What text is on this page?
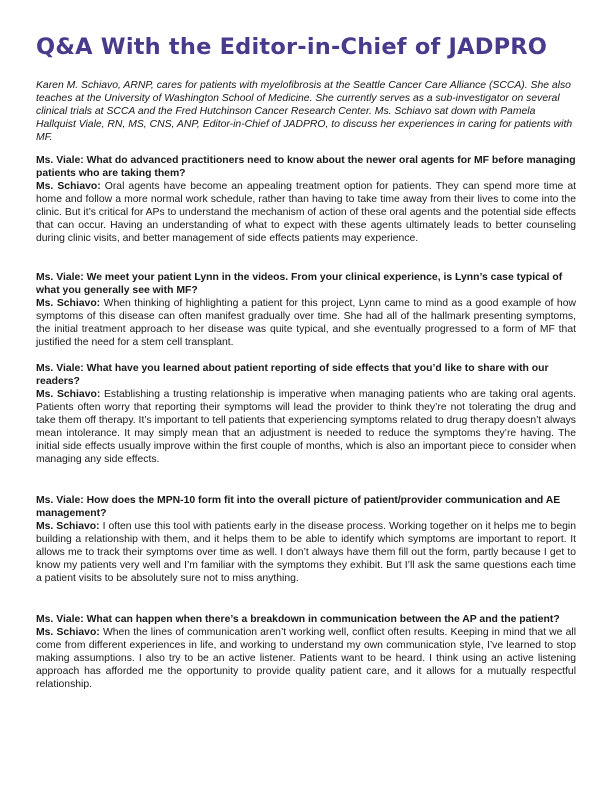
Q&A With the Editor-in-Chief of JADPRO

Karen M. Schiavo, ARNP, cares for patients with myelofibrosis at the Seattle Cancer Care Alliance (SCCA). She also teaches at the University of Washington School of Medicine. She currently serves as a sub-investigator on several clinical trials at SCCA and the Fred Hutchinson Cancer Research Center. Ms. Schiavo sat down with Pamela Hallquist Viale, RN, MS, CNS, ANP, Editor-in-Chief of JADPRO, to discuss her experiences in caring for patients with MF.

Ms. Viale: What do advanced practitioners need to know about the newer oral agents for MF before managing patients who are taking them?

Ms. Schiavo: Oral agents have become an appealing treatment option for patients. They can spend more time at home and follow a more normal work schedule, rather than having to take time away from their lives to come into the clinic. But it’s critical for APs to understand the mechanism of action of these oral agents and the potential side effects that can occur. Having an understanding of what to expect with these agents ultimately leads to better counseling during clinic visits, and better management of side effects patients may experience.

Ms. Viale: We meet your patient Lynn in the videos. From your clinical experience, is Lynn’s case typical of what you generally see with MF?

Ms. Schiavo: When thinking of highlighting a patient for this project, Lynn came to mind as a good example of how symptoms of this disease can often manifest gradually over time. She had all of the hallmark presenting symptoms, the initial treatment approach to her disease was quite typical, and she eventually progressed to a form of MF that justified the need for a stem cell transplant.

Ms. Viale: What have you learned about patient reporting of side effects that you’d like to share with our readers?

Ms. Schiavo: Establishing a trusting relationship is imperative when managing patients who are taking oral agents. Patients often worry that reporting their symptoms will lead the provider to think they’re not tolerating the drug and take them off therapy. It’s important to tell patients that experiencing symptoms related to drug therapy doesn’t always mean intolerance. It may simply mean that an adjustment is needed to reduce the symptoms they’re having. The initial side effects usually improve within the first couple of months, which is also an important piece to consider when managing any side effects.

Ms. Viale: How does the MPN-10 form fit into the overall picture of patient/provider communication and AE management?

Ms. Schiavo: I often use this tool with patients early in the disease process. Working together on it helps me to begin building a relationship with them, and it helps them to be able to identify which symptoms are important to report. It allows me to track their symptoms over time as well. I don’t always have them fill out the form, partly because I get to know my patients very well and I’m familiar with the symptoms they exhibit. But I’ll ask the same questions each time a patient visits to be absolutely sure not to miss anything.

Ms. Viale: What can happen when there’s a breakdown in communication between the AP and the patient?

Ms. Schiavo: When the lines of communication aren’t working well, conflict often results. Keeping in mind that we all come from different experiences in life, and working to understand my own communication style, I’ve learned to stop making assumptions. I also try to be an active listener. Patients want to be heard. I think using an active listening approach has afforded me the opportunity to provide quality patient care, and it allows for a mutually respectful relationship.
